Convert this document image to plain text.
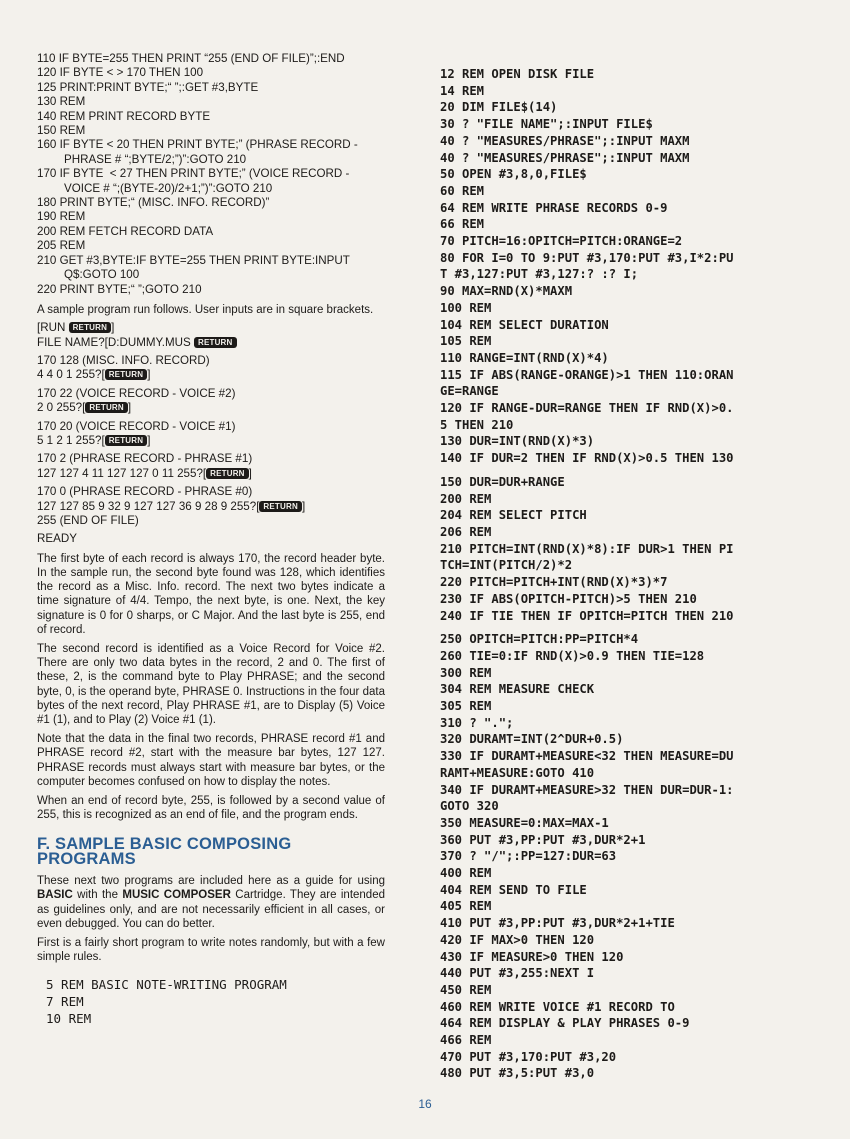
110 IF BYTE=255 THEN PRINT “255 (END OF FILE)”;:END
120 IF BYTE < > 170 THEN 100
125 PRINT:PRINT BYTE;“ ”;:GET #3,BYTE
130 REM
140 REM PRINT RECORD BYTE
150 REM
160 IF BYTE < 20 THEN PRINT BYTE;” (PHRASE RECORD - PHRASE # “;BYTE/2;”)”:GOTO 210
170 IF BYTE  < 27 THEN PRINT BYTE;” (VOICE RECORD - VOICE # “;(BYTE-20)/2+1;”)”:GOTO 210
180 PRINT BYTE;“ (MISC. INFO. RECORD)”
190 REM
200 REM FETCH RECORD DATA
205 REM
210 GET #3,BYTE:IF BYTE=255 THEN PRINT BYTE:INPUT Q$:GOTO 100
220 PRINT BYTE;“ ”;GOTO 210

A sample program run follows. User inputs are in square brackets.

[RUN RETURN ]
FILE NAME?[D:DUMMY.MUS RETURN
170 128 (MISC. INFO. RECORD)
4 4 0 1 255?[ RETURN ]
170 22 (VOICE RECORD - VOICE #2)
2 0 255?[ RETURN ]
170 20 (VOICE RECORD - VOICE #1)
5 1 2 1 255?[ RETURN ]
170 2 (PHRASE RECORD - PHRASE #1)
127 127 4 11 127 127 0 11 255?[ RETURN ]
170 0 (PHRASE RECORD - PHRASE #0)
127 127 85 9 32 9 127 127 36 9 28 9 255?[ RETURN ]
255 (END OF FILE)
READY

The first byte of each record is always 170, the record header byte. In the sample run, the second byte found was 128, which identifies the record as a Misc. Info. record. The next two bytes indicate a time signature of 4/4. Tempo, the next byte, is one. Next, the key signature is 0 for 0 sharps, or C Major. And the last byte is 255, end of record.

The second record is identified as a Voice Record for Voice #2. There are only two data bytes in the record, 2 and 0. The first of these, 2, is the command byte to Play PHRASE; and the second byte, 0, is the operand byte, PHRASE 0. Instructions in the four data bytes of the next record, Play PHRASE #1, are to Display (5) Voice #1 (1), and to Play (2) Voice #1 (1).

Note that the data in the final two records, PHRASE record #1 and PHRASE record #2, start with the measure bar bytes, 127 127. PHRASE records must always start with measure bar bytes, or the computer becomes confused on how to display the notes.

When an end of record byte, 255, is followed by a second value of 255, this is recognized as an end of file, and the program ends.

F. SAMPLE BASIC COMPOSING PROGRAMS

These next two programs are included here as a guide for using BASIC with the MUSIC COMPOSER Cartridge. They are intended as guidelines only, and are not necessarily efficient in all cases, or even debugged. You can do better.

First is a fairly short program to write notes randomly, but with a few simple rules.

5 REM BASIC NOTE-WRITING PROGRAM
7 REM
10 REM
12 REM OPEN DISK FILE
14 REM
20 DIM FILE$(14)
30 ? "FILE NAME";:INPUT FILE$
40 ? "MEASURES/PHRASE";:INPUT MAXM
40 ? "MEASURES/PHRASE";:INPUT MAXM
50 OPEN #3,8,0,FILE$
60 REM
64 REM WRITE PHRASE RECORDS 0-9
66 REM
70 PITCH=16:OPITCH=PITCH:ORANGE=2
80 FOR I=0 TO 9:PUT #3,170:PUT #3,I*2:PU
T #3,127:PUT #3,127:? :? I;
90 MAX=RND(X)*MAXM
100 REM
104 REM SELECT DURATION
105 REM
110 RANGE=INT(RND(X)*4)
115 IF ABS(RANGE-ORANGE)>1 THEN 110:ORAN
GE=RANGE
120 IF RANGE-DUR=RANGE THEN IF RND(X)>0.
5 THEN 210
130 DUR=INT(RND(X)*3)
140 IF DUR=2 THEN IF RND(X)>0.5 THEN 130
150 DUR=DUR+RANGE
200 REM
204 REM SELECT PITCH
206 REM
210 PITCH=INT(RND(X)*8):IF DUR>1 THEN PI
TCH=INT(PITCH/2)*2
220 PITCH=PITCH+INT(RND(X)*3)*7
230 IF ABS(OPITCH-PITCH)>5 THEN 210
240 IF TIE THEN IF OPITCH=PITCH THEN 210
250 OPITCH=PITCH:PP=PITCH*4
260 TIE=0:IF RND(X)>0.9 THEN TIE=128
300 REM
304 REM MEASURE CHECK
305 REM
310 ? ".";
320 DURAMT=INT(2^DUR+0.5)
330 IF DURAMT+MEASURE<32 THEN MEASURE=DU
RAMT+MEASURE:GOTO 410
340 IF DURAMT+MEASURE>32 THEN DUR=DUR-1:
GOTO 320
350 MEASURE=0:MAX=MAX-1
360 PUT #3,PP:PUT #3,DUR*2+1
370 ? "/";:PP=127:DUR=63
400 REM
404 REM SEND TO FILE
405 REM
410 PUT #3,PP:PUT #3,DUR*2+1+TIE
420 IF MAX>0 THEN 120
430 IF MEASURE>0 THEN 120
440 PUT #3,255:NEXT I
450 REM
460 REM WRITE VOICE #1 RECORD TO
464 REM DISPLAY & PLAY PHRASES 0-9
466 REM
470 PUT #3,170:PUT #3,20
480 PUT #3,5:PUT #3,0
16
